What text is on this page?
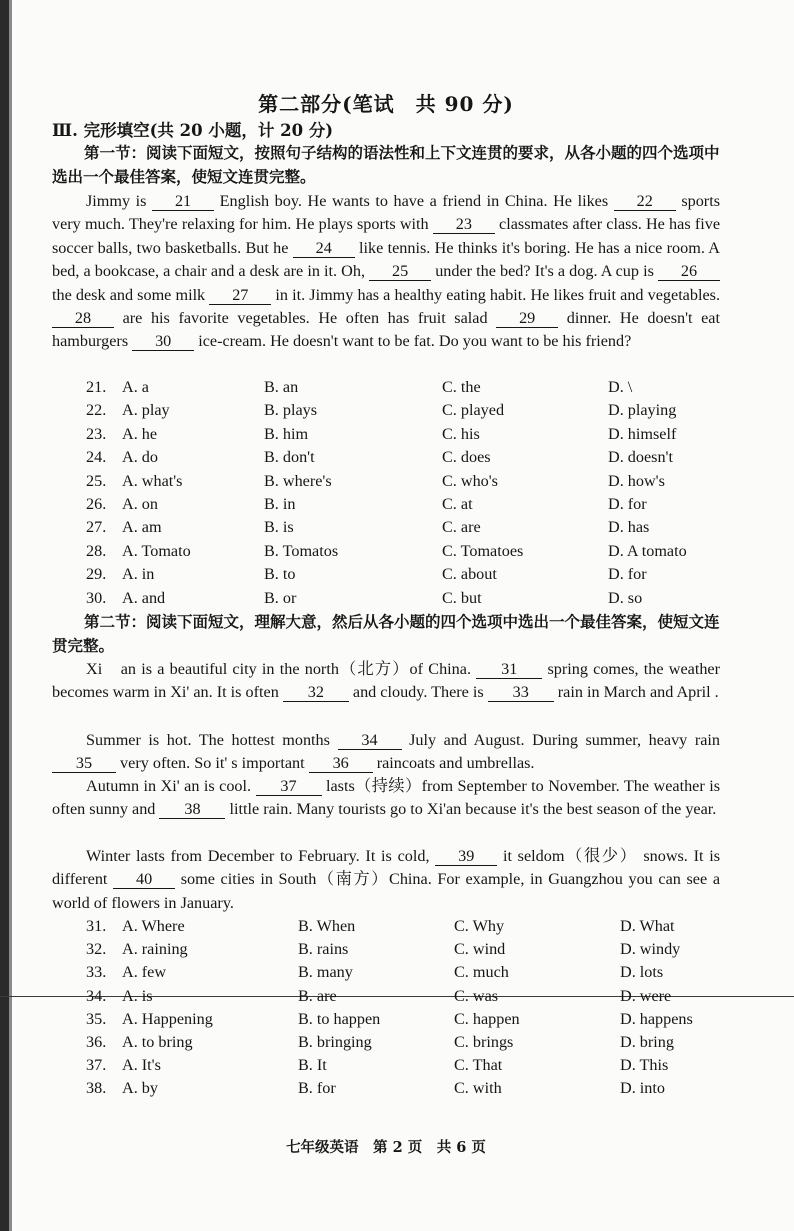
第二部分(笔试　共 90 分)
Ⅲ. 完形填空(共 20 小题，计 20 分)
第一节：阅读下面短文，按照句子结构的语法性和上下文连贯的要求，从各小题的四个选项中选出一个最佳答案，使短文连贯完整。
Jimmy is 21 English boy. He wants to have a friend in China. He likes 22 sports very much. They're relaxing for him. He plays sports with 23 classmates after class. He has five soccer balls, two basketballs. But he 24 like tennis. He thinks it's boring. He has a nice room. A bed, a bookcase, a chair and a desk are in it. Oh, 25 under the bed? It's a dog. A cup is 26 the desk and some milk 27 in it. Jimmy has a healthy eating habit. He likes fruit and vegetables. 28 are his favorite vegetables. He often has fruit salad 29 dinner. He doesn't eat hamburgers 30 ice-cream. He doesn't want to be fat. Do you want to be his friend?
21. A. a	B. an	C. the	D. \
22. A. play	B. plays	C. played	D. playing
23. A. he	B. him	C. his	D. himself
24. A. do	B. don't	C. does	D. doesn't
25. A. what's	B. where's	C. who's	D. how's
26. A. on	B. in	C. at	D. for
27. A. am	B. is	C. are	D. has
28. A. Tomato	B. Tomatos	C. Tomatoes	D. A tomato
29. A. in	B. to	C. about	D. for
30. A. and	B. or	C. but	D. so
第二节：阅读下面短文，理解大意，然后从各小题的四个选项中选出一个最佳答案，使短文连贯完整。
Xi　an is a beautiful city in the north（北方）of China. 31 spring comes, the weather becomes warm in Xi' an. It is often 32 and cloudy. There is 33 rain in March and April .
Summer is hot. The hottest months 34 July and August. During summer, heavy rain 35 very often. So it' s important 36 raincoats and umbrellas.
Autumn in Xi' an is cool. 37 lasts（持续）from September to November. The weather is often sunny and 38 little rain. Many tourists go to Xi'an because it's the best season of the year.
Winter lasts from December to February. It is cold, 39 it seldom（很少） snows. It is different 40 some cities in South（南方）China. For example, in Guangzhou you can see a world of flowers in January.
31. A. Where	B. When	C. Why	D. What
32. A. raining	B. rains	C. wind	D. windy
33. A. few	B. many	C. much	D. lots
34. A. is	B. are	C. was	D. were
35. A. Happening	B. to happen	C. happen	D. happens
36. A. to bring	B. bringing	C. brings	D. bring
37. A. It's	B. It	C. That	D. This
38. A. by	B. for	C. with	D. into
七年级英语　第 2 页　共 6 页
